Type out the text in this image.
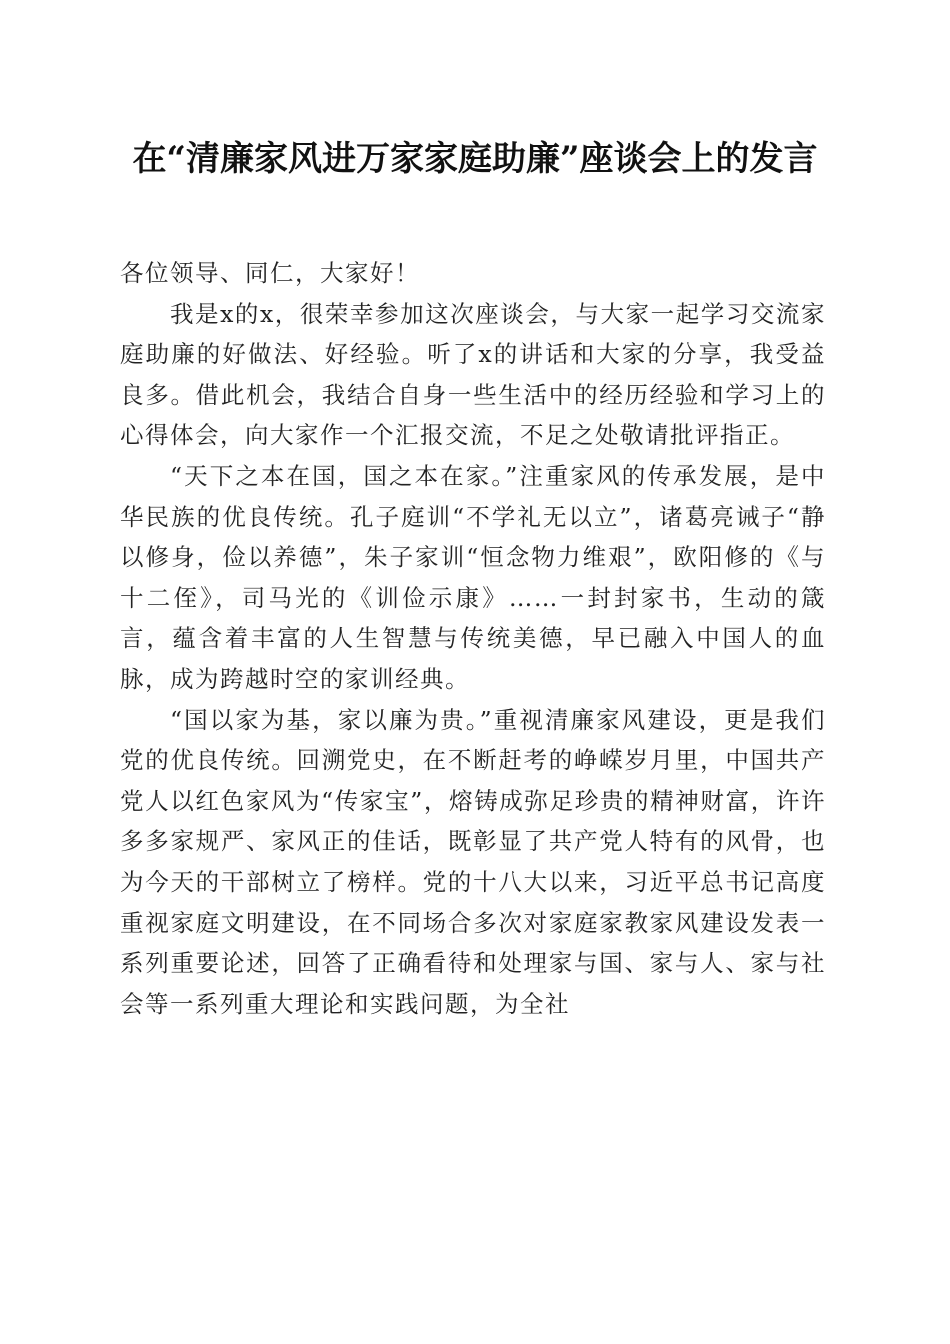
在“清廉家风进万家家庭助廉”座谈会上的发言

各位领导、同仁，大家好！

我是x的x，很荣幸参加这次座谈会，与大家一起学习交流家庭助廉的好做法、好经验。听了x的讲话和大家的分享，我受益良多。借此机会，我结合自身一些生活中的经历经验和学习上的心得体会，向大家作一个汇报交流，不足之处敬请批评指正。

“天下之本在国，国之本在家。”注重家风的传承发展，是中华民族的优良传统。孔子庭训“不学礼无以立”，诸葛亮诫子“静以修身，俭以养德”，朱子家训“恒念物力维艰”，欧阳修的《与十二侄》，司马光的《训俭示康》……一封封家书，生动的箴言，蕴含着丰富的人生智慧与传统美德，早已融入中国人的血脉，成为跨越时空的家训经典。

“国以家为基，家以廉为贵。”重视清廉家风建设，更是我们党的优良传统。回溯党史，在不断赶考的峥嵘岁月里，中国共产党人以红色家风为“传家宝”，熔铸成弥足珍贵的精神财富，许许多多家规严、家风正的佳话，既彰显了共产党人特有的风骨，也为今天的干部树立了榜样。党的十八大以来，习近平总书记高度重视家庭文明建设，在不同场合多次对家庭家教家风建设发表一系列重要论述，回答了正确看待和处理家与国、家与人、家与社会等一系列重大理论和实践问题，为全社
